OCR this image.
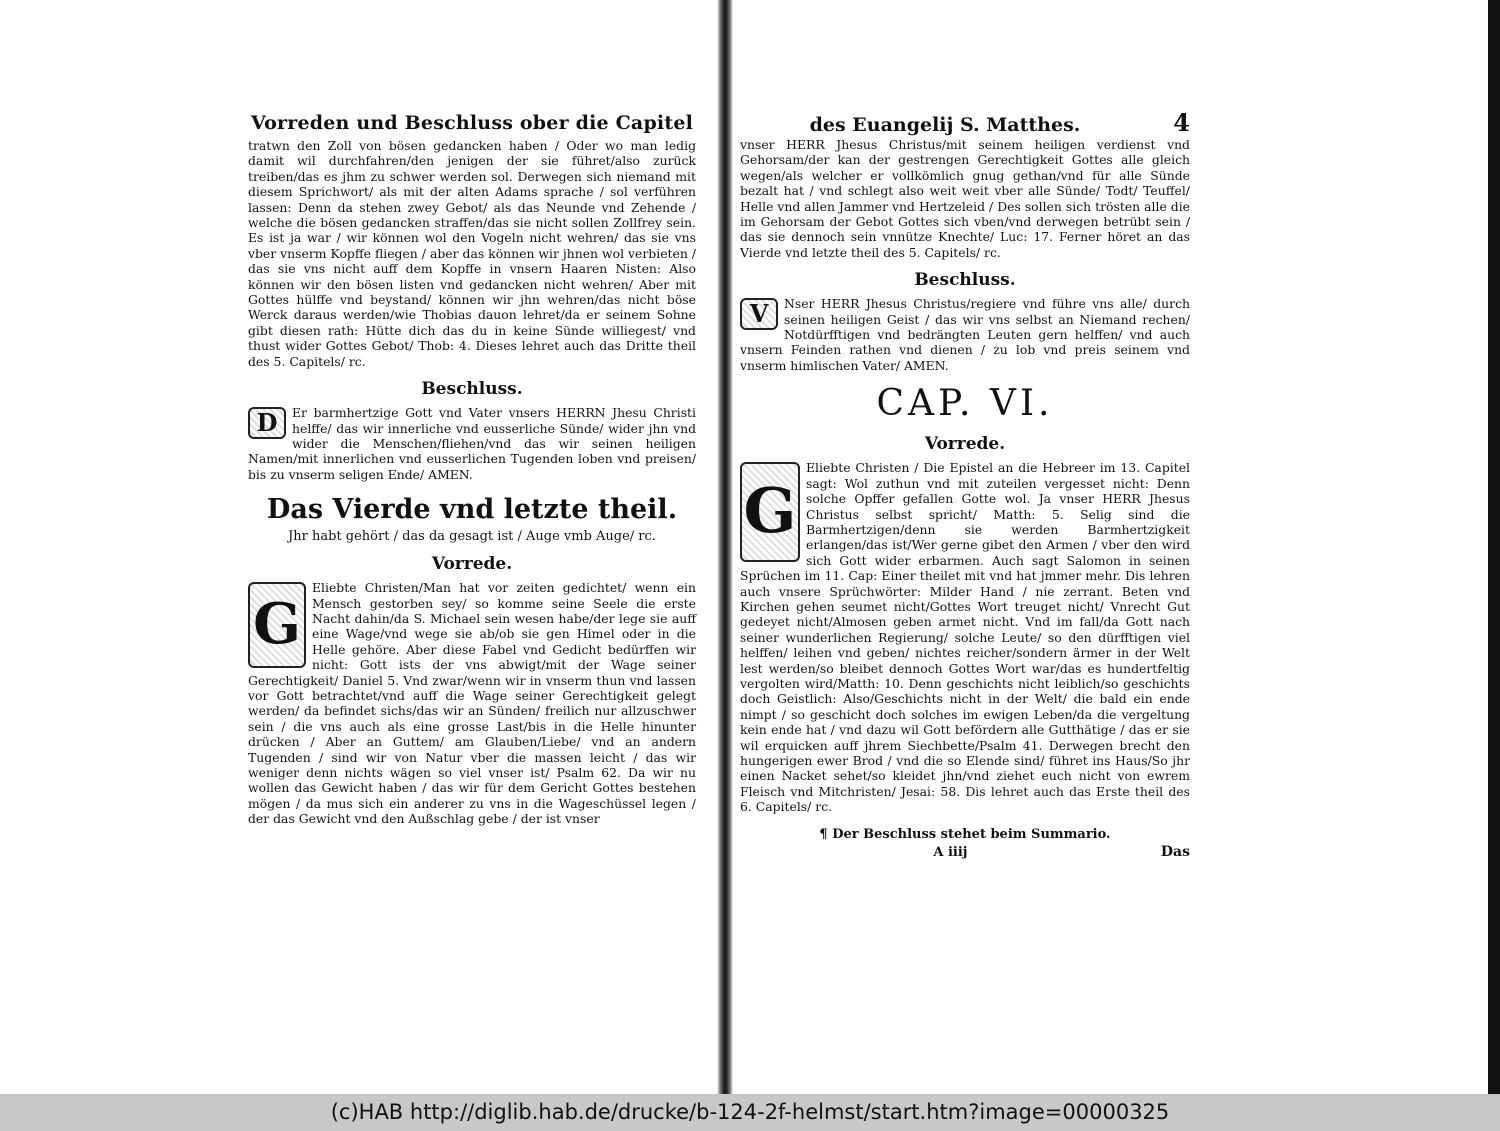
Vorreden und Beschluss ober die Capitel

tratwn den Zoll von bösen gedancken haben / Oder wo man ledig damit wil durchfahren/den jenigen der sie führet/also zurück treiben/das es jhm zu schwer werden sol. Derwegen sich niemand mit diesem Sprichwort/ als mit der alten Adams sprache / sol verführen lassen: Denn da stehen zwey Gebot/ als das Neunde vnd Zehende / welche die bösen gedancken straffen/das sie nicht sollen Zollfrey sein. Es ist ja war / wir können wol den Vogeln nicht wehren/ das sie vns vber vnserm Kopffe fliegen / aber das können wir jhnen wol verbieten / das sie vns nicht auff dem Kopffe in vnsern Haaren Nisten: Also können wir den bösen listen vnd gedancken nicht wehren/ Aber mit Gottes hülffe vnd beystand/ können wir jhn wehren/das nicht böse Werck daraus werden/wie Thobias dauon lehret/da er seinem Sohne gibt diesen rath: Hütte dich das du in keine Sünde williegest/ vnd thust wider Gottes Gebot/ Thob: 4. Dieses lehret auch das Dritte theil des 5. Capitels/ rc.

Beschluss.
D	Er barmhertzige Gott vnd Vater vnsers HERRN Jhesu Christi helffe/ das wir innerliche vnd eusserliche Sünde/ wider jhn vnd wider die Menschen/fliehen/vnd das wir seinen heiligen Namen/mit innerlichen vnd eusserlichen Tugenden loben vnd preisen/ bis zu vnserm seligen Ende/ AMEN.

Das Vierde vnd letzte theil.
Jhr habt gehört / das da gesagt ist / Auge vmb Auge/ rc.
Vorrede.
G

Eliebte Christen/Man hat vor zeiten gedichtet/ wenn ein Mensch gestorben sey/ so komme seine Seele die erste Nacht dahin/da S. Michael sein wesen habe/der lege sie auff eine Wage/vnd wege sie ab/ob sie gen Himel oder in die Helle gehöre. Aber diese Fabel vnd Gedicht bedürffen wir nicht: Gott ists der vns abwigt/mit der Wage seiner Gerechtigkeit/ Daniel 5. Vnd zwar/wenn wir in vnserm thun vnd lassen vor Gott betrachtet/vnd auff die Wage seiner Gerechtigkeit gelegt werden/ da befindet sichs/das wir an Sünden/ freilich nur allzuschwer sein / die vns auch als eine grosse Last/bis in die Helle hinunter drücken / Aber an Guttem/ am Glauben/Liebe/ vnd an andern Tugenden / sind wir von Natur vber die massen leicht / das wir weniger denn nichts wägen so viel vnser ist/ Psalm 62. Da wir nu wollen das Gewicht haben / das wir für dem Gericht Gottes bestehen mögen / da mus sich ein anderer zu vns in die Wageschüssel legen / der das Gewicht vnd den Außschlag gebe / der ist vnser

des Euangelij S. Matthes.	4

vnser HERR Jhesus Christus/mit seinem heiligen verdienst vnd Gehorsam/der kan der gestrengen Gerechtigkeit Gottes alle gleich wegen/als welcher er vollkömlich gnug gethan/vnd für alle Sünde bezalt hat / vnd schlegt also weit weit vber alle Sünde/ Todt/ Teuffel/ Helle vnd allen Jammer vnd Hertzeleid / Des sollen sich trösten alle die im Gehorsam der Gebot Gottes sich vben/vnd derwegen betrübt sein / das sie dennoch sein vnnütze Knechte/ Luc: 17. Ferner höret an das Vierde vnd letzte theil des 5. Capitels/ rc.

Beschluss.
V	Nser HERR Jhesus Christus/regiere vnd führe vns alle/ durch seinen heiligen Geist / das wir vns selbst an Niemand rechen/ Notdürfftigen vnd bedrängten Leuten gern helffen/ vnd auch vnsern Feinden rathen vnd dienen / zu lob vnd preis seinem vnd vnserm himlischen Vater/ AMEN.

CAP. VI.
Vorrede.
G

Eliebte Christen / Die Epistel an die Hebreer im 13. Capitel sagt: Wol zuthun vnd mit zuteilen vergesset nicht: Denn solche Opffer gefallen Gotte wol. Ja vnser HERR Jhesus Christus selbst spricht/ Matth: 5. Selig sind die Barmhertzigen/denn sie werden Barmhertzigkeit erlangen/das ist/Wer gerne gibet den Armen / vber den wird sich Gott wider erbarmen. Auch sagt Salomon in seinen Sprüchen im 11. Cap: Einer theilet mit vnd hat jmmer mehr. Dis lehren auch vnsere Sprüchwörter: Milder Hand / nie zerrant. Beten vnd Kirchen gehen seumet nicht/Gottes Wort treuget nicht/ Vnrecht Gut gedeyet nicht/Almosen geben armet nicht. Vnd im fall/da Gott nach seiner wunderlichen Regierung/ solche Leute/ so den dürfftigen viel helffen/ leihen vnd geben/ nichtes reicher/sondern ärmer in der Welt lest werden/so bleibet dennoch Gottes Wort war/das es hundertfeltig vergolten wird/Matth: 10. Denn geschichts nicht leiblich/so geschichts doch Geistlich: Also/Geschichts nicht in der Welt/ die bald ein ende nimpt / so geschicht doch solches im ewigen Leben/da die vergeltung kein ende hat / vnd dazu wil Gott befördern alle Gutthätige / das er sie wil erquicken auff jhrem Siechbette/Psalm 41. Derwegen brecht den hungerigen ewer Brod / vnd die so Elende sind/ führet ins Haus/So jhr einen Nacket sehet/so kleidet jhn/vnd ziehet euch nicht von ewrem Fleisch vnd Mitchristen/ Jesai: 58. Dis lehret auch das Erste theil des 6. Capitels/ rc.

¶ Der Beschluss stehet beim Summario.
A iiij	Das
(c)HAB http://diglib.hab.de/drucke/b-124-2f-helmst/start.htm?image=00000325
